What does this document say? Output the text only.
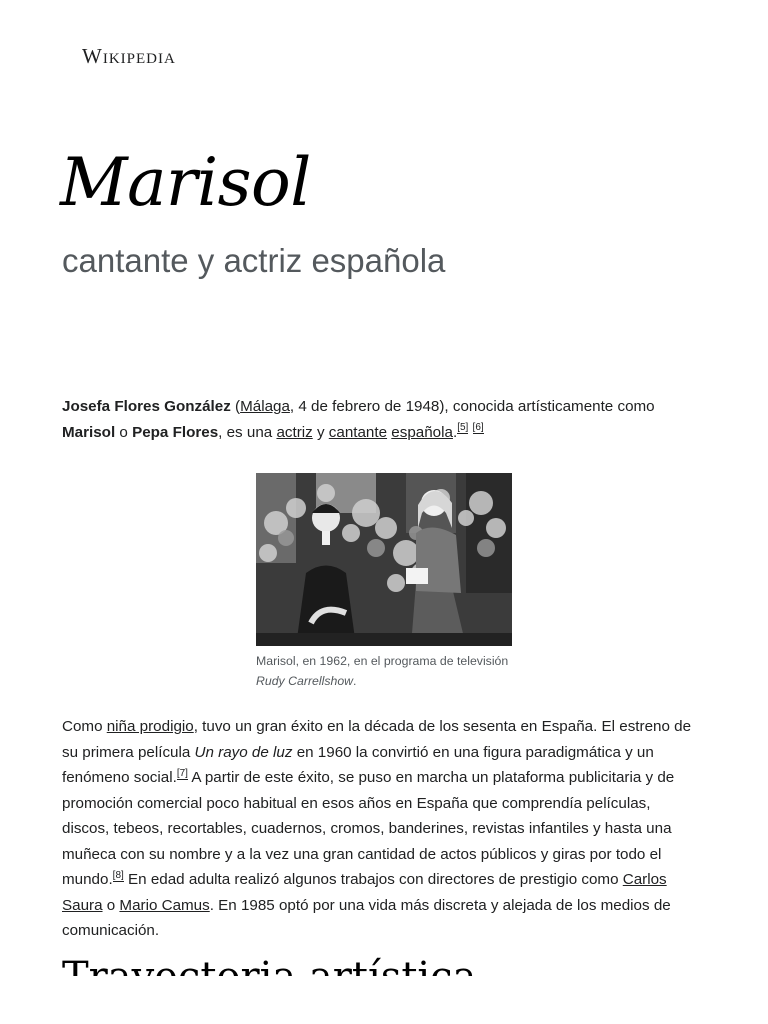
Wikipedia
Marisol
cantante y actriz española

Josefa Flores González (Málaga, 4 de febrero de 1948), conocida artísticamente como Marisol o Pepa Flores, es una actriz y cantante española.[5] [6]

Marisol, en 1962, en el programa de televisión Rudy Carrellshow.

Como niña prodigio, tuvo un gran éxito en la década de los sesenta en España. El estreno de su primera película Un rayo de luz en 1960 la convirtió en una figura paradigmática y un fenómeno social.[7] A partir de este éxito, se puso en marcha un plataforma publicitaria y de promoción comercial poco habitual en esos años en España que comprendía películas, discos, tebeos, recortables, cuadernos, cromos, banderines, revistas infantiles y hasta una muñeca con su nombre y a la vez una gran cantidad de actos públicos y giras por todo el mundo.[8] En edad adulta realizó algunos trabajos con directores de prestigio como Carlos Saura o Mario Camus. En 1985 optó por una vida más discreta y alejada de los medios de comunicación.
